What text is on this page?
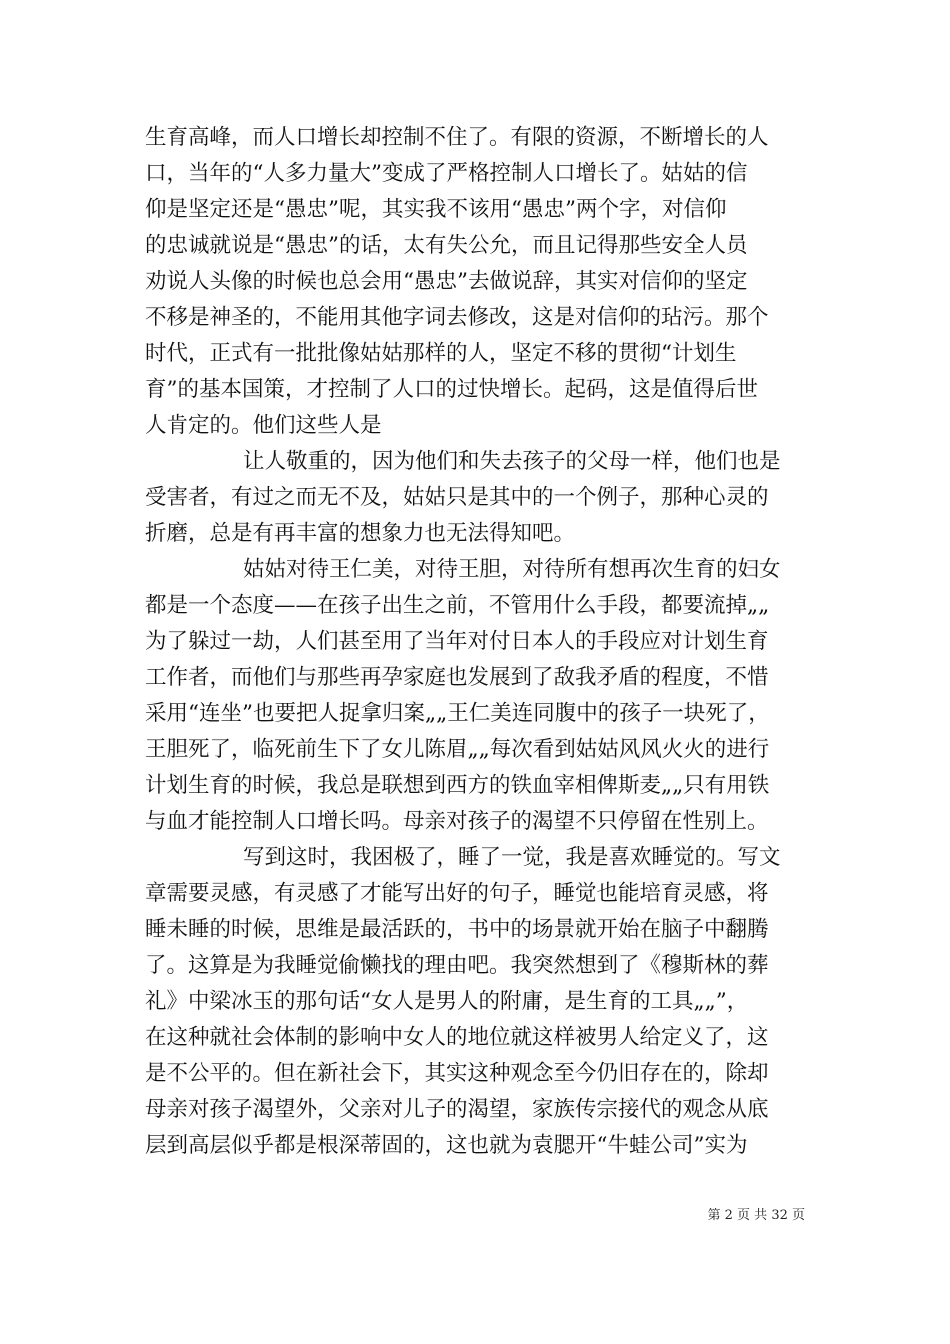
生育高峰，而人口增长却控制不住了。有限的资源，不断增长的人
口，当年的“人多力量大”变成了严格控制人口增长了。姑姑的信
仰是坚定还是“愚忠”呢，其实我不该用“愚忠”两个字，对信仰
的忠诚就说是“愚忠”的话，太有失公允，而且记得那些安全人员
劝说人头像的时候也总会用“愚忠”去做说辞，其实对信仰的坚定
不移是神圣的，不能用其他字词去修改，这是对信仰的玷污。那个
时代，正式有一批批像姑姑那样的人，坚定不移的贯彻“计划生
育”的基本国策，才控制了人口的过快增长。起码，这是值得后世
人肯定的。他们这些人是
让人敬重的，因为他们和失去孩子的父母一样，他们也是
受害者，有过之而无不及，姑姑只是其中的一个例子，那种心灵的
折磨，总是有再丰富的想象力也无法得知吧。
姑姑对待王仁美，对待王胆，对待所有想再次生育的妇女
都是一个态度——在孩子出生之前，不管用什么手段，都要流掉„„
为了躲过一劫，人们甚至用了当年对付日本人的手段应对计划生育
工作者，而他们与那些再孕家庭也发展到了敌我矛盾的程度，不惜
采用“连坐”也要把人捉拿归案„„王仁美连同腹中的孩子一块死了，
王胆死了，临死前生下了女儿陈眉„„每次看到姑姑风风火火的进行
计划生育的时候，我总是联想到西方的铁血宰相俾斯麦„„只有用铁
与血才能控制人口增长吗。母亲对孩子的渴望不只停留在性别上。
写到这时，我困极了，睡了一觉，我是喜欢睡觉的。写文
章需要灵感，有灵感了才能写出好的句子，睡觉也能培育灵感，将
睡未睡的时候，思维是最活跃的，书中的场景就开始在脑子中翻腾
了。这算是为我睡觉偷懒找的理由吧。我突然想到了《穆斯林的葬
礼》中梁冰玉的那句话“女人是男人的附庸，是生育的工具„„”，
在这种就社会体制的影响中女人的地位就这样被男人给定义了，这
是不公平的。但在新社会下，其实这种观念至今仍旧存在的，除却
母亲对孩子渴望外，父亲对儿子的渴望，家族传宗接代的观念从底
层到高层似乎都是根深蒂固的，这也就为袁腮开“牛蛙公司”实为
第 2 页 共 32 页
